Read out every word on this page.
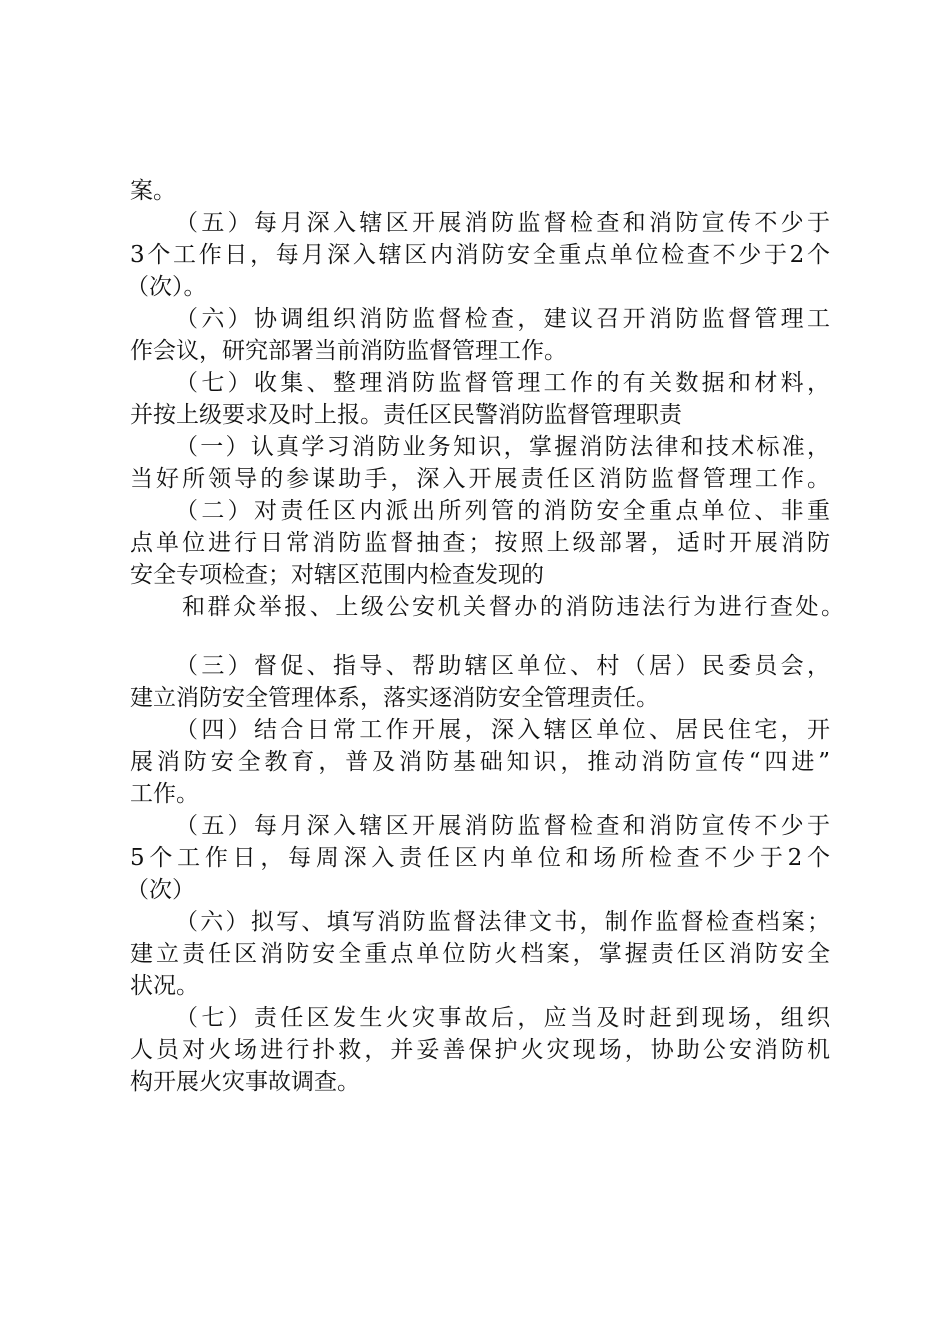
案。
（五）每月深入辖区开展消防监督检查和消防宣传不少于
3个工作日，每月深入辖区内消防安全重点单位检查不少于2个
（次）。
（六）协调组织消防监督检查，建议召开消防监督管理工
作会议，研究部署当前消防监督管理工作。
（七）收集、整理消防监督管理工作的有关数据和材料，
并按上级要求及时上报。责任区民警消防监督管理职责
（一）认真学习消防业务知识，掌握消防法律和技术标准，
当好所领导的参谋助手，深入开展责任区消防监督管理工作。
（二）对责任区内派出所列管的消防安全重点单位、非重
点单位进行日常消防监督抽查；按照上级部署，适时开展消防
安全专项检查；对辖区范围内检查发现的
和群众举报、上级公安机关督办的消防违法行为进行查处。
（三）督促、指导、帮助辖区单位、村（居）民委员会，
建立消防安全管理体系，落实逐消防安全管理责任。
（四）结合日常工作开展，深入辖区单位、居民住宅，开
展消防安全教育，普及消防基础知识，推动消防宣传“四进”
工作。
（五）每月深入辖区开展消防监督检查和消防宣传不少于
5个工作日，每周深入责任区内单位和场所检查不少于2个
（次）
（六）拟写、填写消防监督法律文书，制作监督检查档案；
建立责任区消防安全重点单位防火档案，掌握责任区消防安全
状况。
（七）责任区发生火灾事故后，应当及时赶到现场，组织
人员对火场进行扑救，并妥善保护火灾现场，协助公安消防机
构开展火灾事故调查。
